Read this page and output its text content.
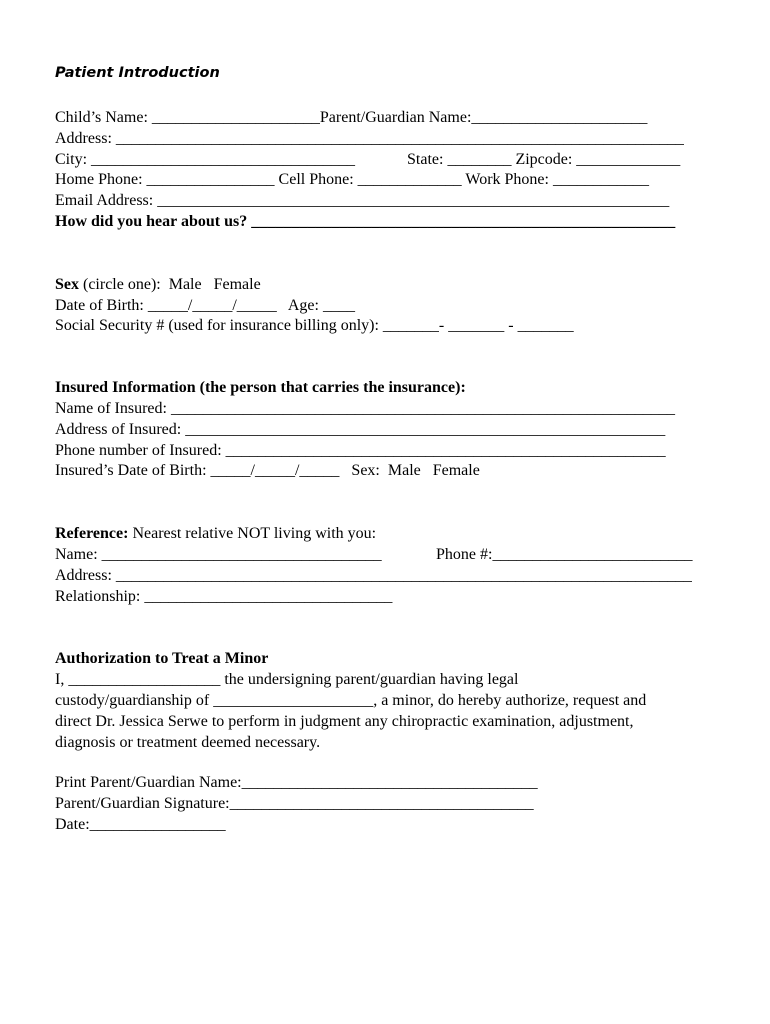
Patient Introduction
Child’s Name: _____________________Parent/Guardian Name:______________________
Address: _______________________________________________________________________
City: _________________________________	State: ________ Zipcode: _____________
Home Phone: ________________ Cell Phone: _____________ Work Phone: ____________
Email Address: ________________________________________________________________
How did you hear about us? _____________________________________________________
Sex (circle one):  Male   Female
Date of Birth: _____/_____/_____   Age: ____
Social Security # (used for insurance billing only): _______- _______ - _______
Insured Information (the person that carries the insurance):
Name of Insured: _______________________________________________________________
Address of Insured: ____________________________________________________________
Phone number of Insured: _______________________________________________________
Insured’s Date of Birth: _____/_____/_____   Sex:  Male   Female
Reference: Nearest relative NOT living with you:
Name: ___________________________________	Phone #:_________________________
Address: ________________________________________________________________________
Relationship: _______________________________
Authorization to Treat a Minor
I, ___________________ the undersigning parent/guardian having legal
custody/guardianship of ____________________, a minor, do hereby authorize, request and
direct Dr. Jessica Serwe to perform in judgment any chiropractic examination, adjustment,
diagnosis or treatment deemed necessary.
Print Parent/Guardian Name:_____________________________________
Parent/Guardian Signature:______________________________________
Date:_________________
